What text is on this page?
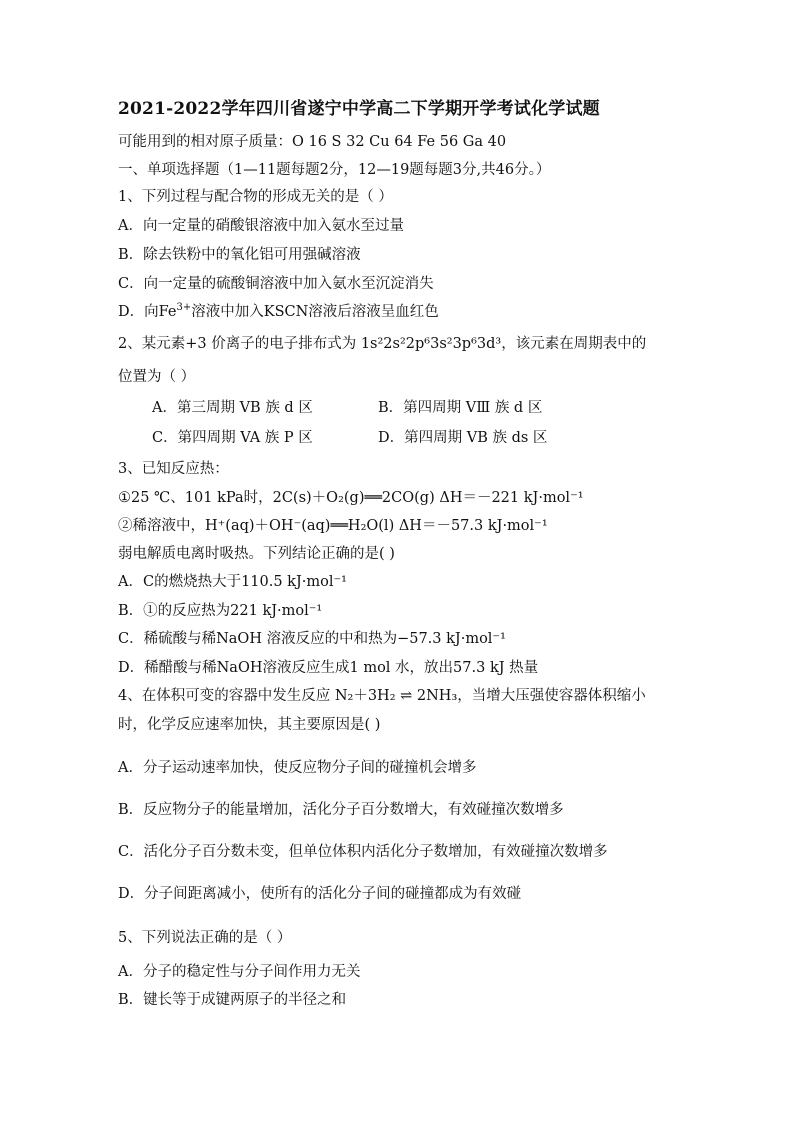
2021-2022学年四川省遂宁中学高二下学期开学考试化学试题
可能用到的相对原子质量：O 16 S 32 Cu 64 Fe 56 Ga 40
一、单项选择题（1—11题每题2分，12—19题每题3分,共46分。）
1、下列过程与配合物的形成无关的是（ ）
A．向一定量的硝酸银溶液中加入氨水至过量
B．除去铁粉中的氧化铝可用强碱溶液
C．向一定量的硫酸铜溶液中加入氨水至沉淀消失
D．向$Fe^{3+}$溶液中加入KSCN溶液后溶液呈血红色
2、某元素+3 价离子的电子排布式为 1s²2s²2p⁶3s²3p⁶3d³，该元素在周期表中的
位置为（ ）
A．第三周期 VB 族 d 区	B．第四周期 VⅢ 族 d 区
C．第四周期 VA 族 P 区	D．第四周期 VB 族 ds 区
3、已知反应热：
①25 ℃、101 kPa时，2C(s)＋O₂(g)══2CO(g) ΔH＝－221 kJ·mol⁻¹
②稀溶液中，H⁺(aq)＋OH⁻(aq)══H₂O(l) ΔH＝－57.3 kJ·mol⁻¹
弱电解质电离时吸热。下列结论正确的是( )
A．C的燃烧热大于110.5 kJ·mol⁻¹
B．①的反应热为221 kJ·mol⁻¹
C．稀硫酸与稀NaOH 溶液反应的中和热为−57.3 kJ·mol⁻¹
D．稀醋酸与稀NaOH溶液反应生成1 mol 水，放出57.3 kJ 热量
4、在体积可变的容器中发生反应 N₂＋3H₂ ⇌ 2NH₃，当增大压强使容器体积缩小
时，化学反应速率加快，其主要原因是( )
A．分子运动速率加快，使反应物分子间的碰撞机会增多
B．反应物分子的能量增加，活化分子百分数增大，有效碰撞次数增多
C．活化分子百分数未变，但单位体积内活化分子数增加，有效碰撞次数增多
D．分子间距离减小，使所有的活化分子间的碰撞都成为有效碰
5、下列说法正确的是（ ）
A．分子的稳定性与分子间作用力无关
B．键长等于成键两原子的半径之和
